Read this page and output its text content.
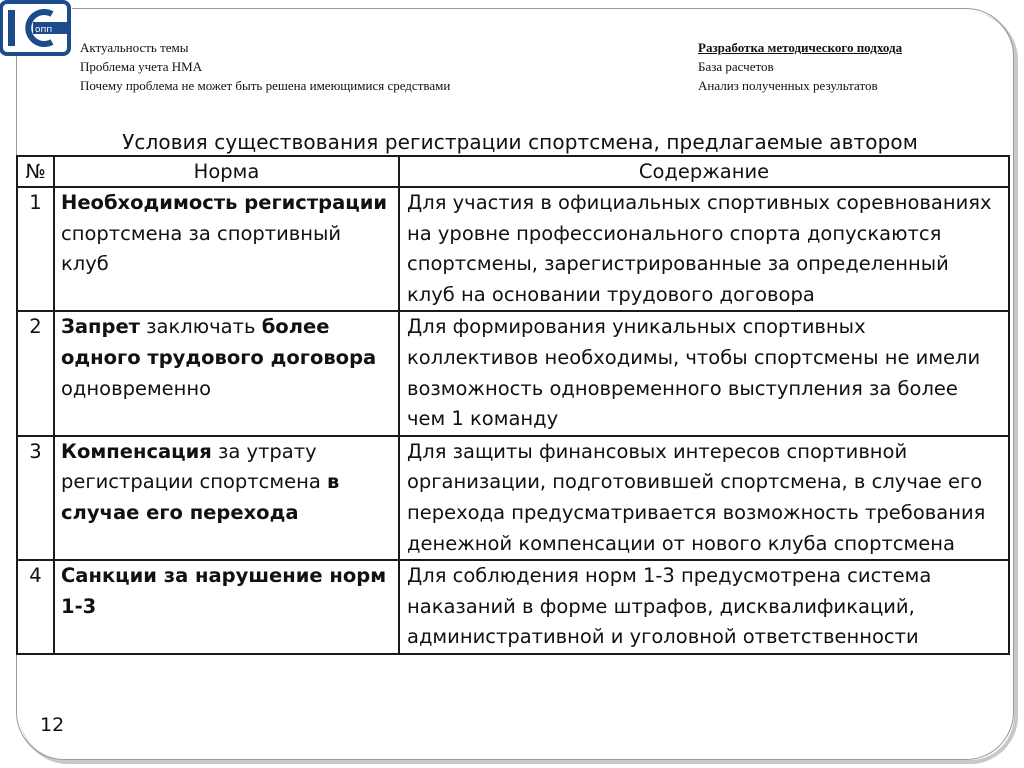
опп
Актуальность темы
Проблема учета НМА
Почему проблема не может быть решена имеющимися средствами
Разработка методического подхода
База расчетов
Анализ полученных результатов
Условия существования регистрации спортсмена, предлагаемые автором
№	Норма	Содержание
1	Необходимость регистрации спортсмена за спортивный клуб	Для участия в официальных спортивных соревнованиях на уровне профессионального спорта допускаются спортсмены, зарегистрированные за определенный клуб на основании трудового договора
2	Запрет заключать более одного трудового договора одновременно	Для формирования уникальных спортивных коллективов необходимы, чтобы спортсмены не имели возможность одновременного выступления за более чем 1 команду
3	Компенсация за утрату регистрации спортсмена в случае его перехода	Для защиты финансовых интересов спортивной организации, подготовившей спортсмена, в случае его перехода предусматривается возможность требования денежной компенсации от нового клуба спортсмена
4	Санкции за нарушение норм 1-3	Для соблюдения норм 1-3 предусмотрена система наказаний в форме штрафов, дисквалификаций, административной и уголовной ответственности
12
